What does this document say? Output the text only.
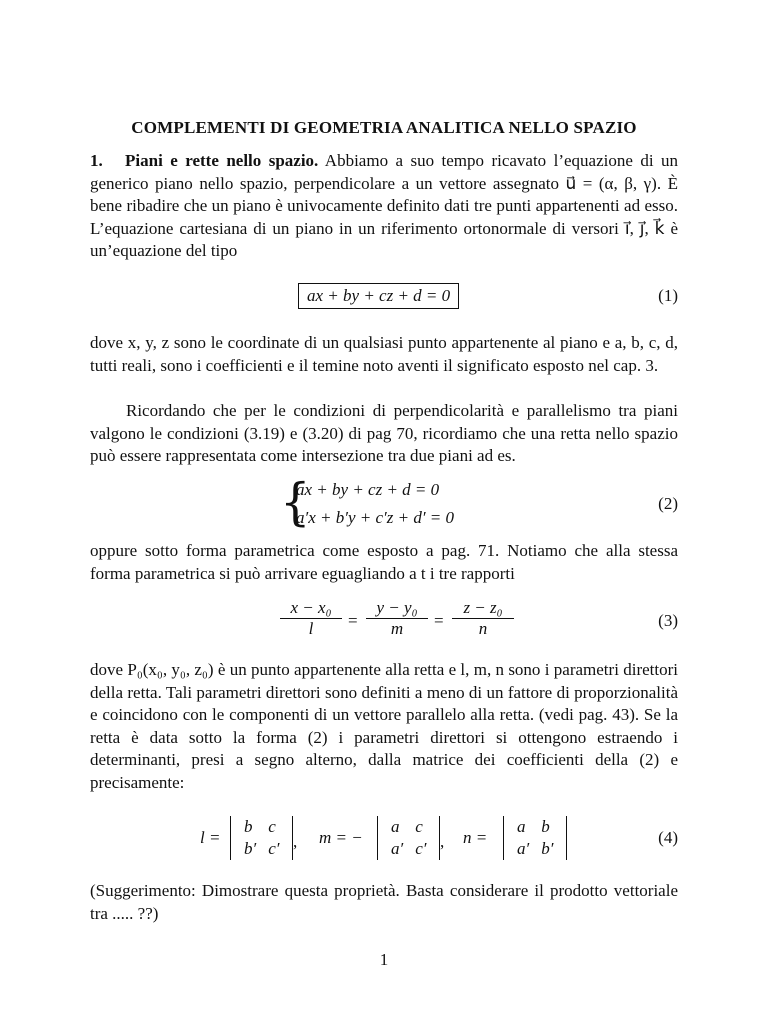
COMPLEMENTI DI GEOMETRIA ANALITICA NELLO SPAZIO
1. Piani e rette nello spazio. Abbiamo a suo tempo ricavato l’equazione di un generico piano nello spazio, perpendicolare a un vettore assegnato u⃗ = (α, β, γ). È bene ribadire che un piano è univocamente definito dati tre punti appartenenti ad esso. L’equazione cartesiana di un piano in un riferimento ortonormale di versori i⃗, j⃗, k⃗ è un’equazione del tipo
ax + by + cz + d = 0	(1)
dove x, y, z sono le coordinate di un qualsiasi punto appartenente al piano e a, b, c, d, tutti reali, sono i coefficienti e il temine noto aventi il significato esposto nel cap. 3.
Ricordando che per le condizioni di perpendicolarità e parallelismo tra piani valgono le condizioni (3.19) e (3.20) di pag 70, ricordiamo che una retta nello spazio può essere rappresentata come intersezione tra due piani ad es.
{
ax + by + cz + d = 0
a′x + b′y + c′z + d′ = 0
(2)
oppure sotto forma parametrica come esposto a pag. 71. Notiamo che alla stessa forma parametrica si può arrivare eguagliando a t i tre rapporti
$\frac{\text{x − x₀}}{l} = \frac{\text{y − y₀}}{m} = \frac{\text{z − z₀}}{n}$	(3)
dove P₀(x₀, y₀, z₀) è un punto appartenente alla retta e l, m, n sono i parametri direttori della retta. Tali parametri direttori sono definiti a meno di un fattore di proporzionalità e coincidono con le componenti di un vettore parallelo alla retta. (vedi pag. 43). Se la retta è data sotto la forma (2) i parametri direttori si ottengono estraendo i determinanti, presi a segno alterno, dalla matrice dei coefficienti della (2) e precisamente:
l =
b	c
b′	c′ , m = −
a	c
a′	c′ , n =
a	b
a′	b′
(4)
(Suggerimento: Dimostrare questa proprietà. Basta considerare il prodotto vettoriale tra ..... ??)
1
